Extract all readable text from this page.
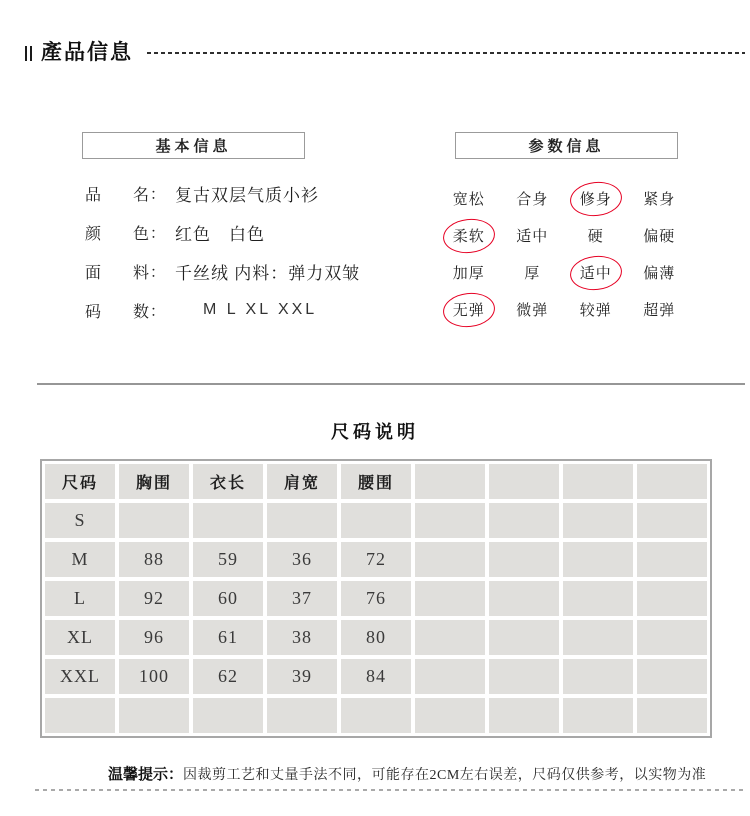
產品信息
基本信息
品名 ： 复古双层气质小衫
颜色 ： 红色　白色
面料 ： 千丝绒 内料：弹力双皱
码数 ： M L XL XXL
参数信息
宽松 合身 修身 紧身
柔软 适中	硬	偏硬
加厚	厚	适中 偏薄
无弹 微弹 较弹 超弹
尺码说明
尺码	胸围	衣长	肩宽	腰围
S
M	88	59	36	72
L	92	60	37	76
XL	96	61	38	80
XXL	100	62	39	84
温馨提示： 因裁剪工艺和丈量手法不同，可能存在2CM左右误差，尺码仅供参考，以实物为准
